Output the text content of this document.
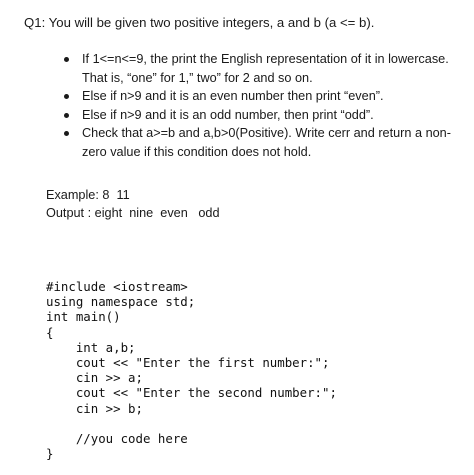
Q1: You will be given two positive integers, a and b (a <= b).

If 1<=n<=9, the print the English representation of it in lowercase. That is, “one” for 1,” two” for 2 and so on.
Else if n>9 and it is an even number then print “even”.
Else if n>9 and it is an odd number, then print “odd”.
Check that a>=b and a,b>0(Positive). Write cerr and return a non-zero value if this condition does not hold.

Example: 8  11

Output : eight  nine  even   odd

#include <iostream>
using namespace std;
int main()
{
int a,b;
cout << "Enter the first number:";
cin >> a;
cout << "Enter the second number:";
cin >> b;
//you code here
}
